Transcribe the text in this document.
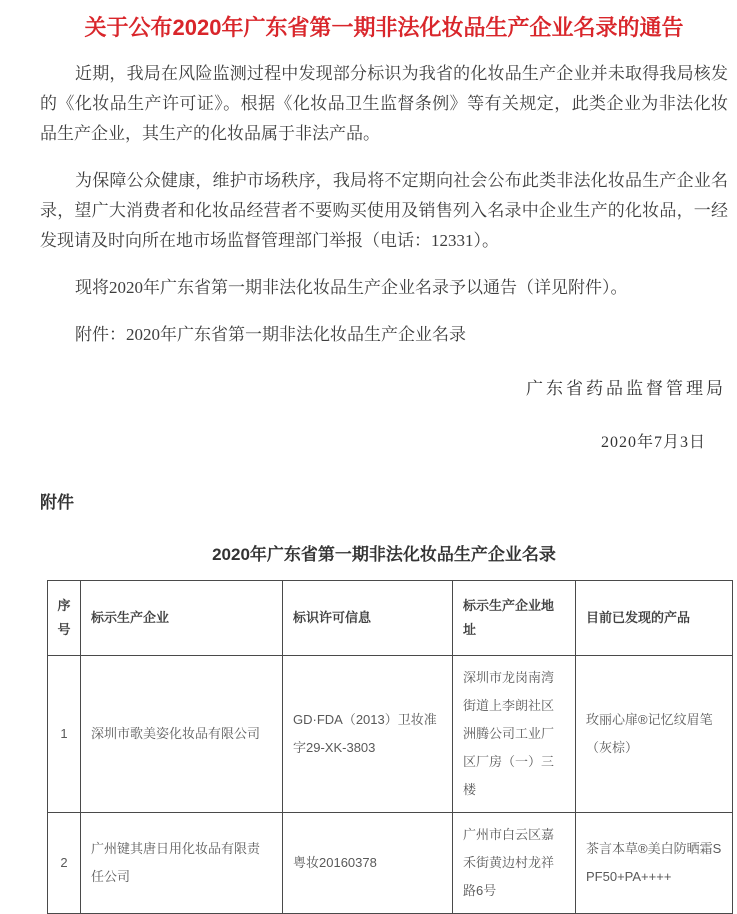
关于公布2020年广东省第一期非法化妆品生产企业名录的通告

近期，我局在风险监测过程中发现部分标识为我省的化妆品生产企业并未取得我局核发的《化妆品生产许可证》。根据《化妆品卫生监督条例》等有关规定，此类企业为非法化妆品生产企业，其生产的化妆品属于非法产品。

为保障公众健康，维护市场秩序，我局将不定期向社会公布此类非法化妆品生产企业名录，望广大消费者和化妆品经营者不要购买使用及销售列入名录中企业生产的化妆品，一经发现请及时向所在地市场监督管理部门举报（电话：12331）。

现将2020年广东省第一期非法化妆品生产企业名录予以通告（详见附件）。

附件：2020年广东省第一期非法化妆品生产企业名录

广东省药品监督管理局
2020年7月3日
附件
2020年广东省第一期非法化妆品生产企业名录
序号	标示生产企业	标识许可信息	标示生产企业地址	目前已发现的产品
1	深圳市歌美姿化妆品有限公司	GD·FDA（2013）卫妆准字29-XK-3803	深圳市龙岗南湾街道上李朗社区洲腾公司工业厂区厂房（一）三楼	玫丽心扉®记忆纹眉笔（灰棕）
2	广州键其唐日用化妆品有限责任公司	粤妆20160378	广州市白云区嘉禾街黄边村龙祥路6号	茶言本草®美白防晒霜SPF50+PA++++
